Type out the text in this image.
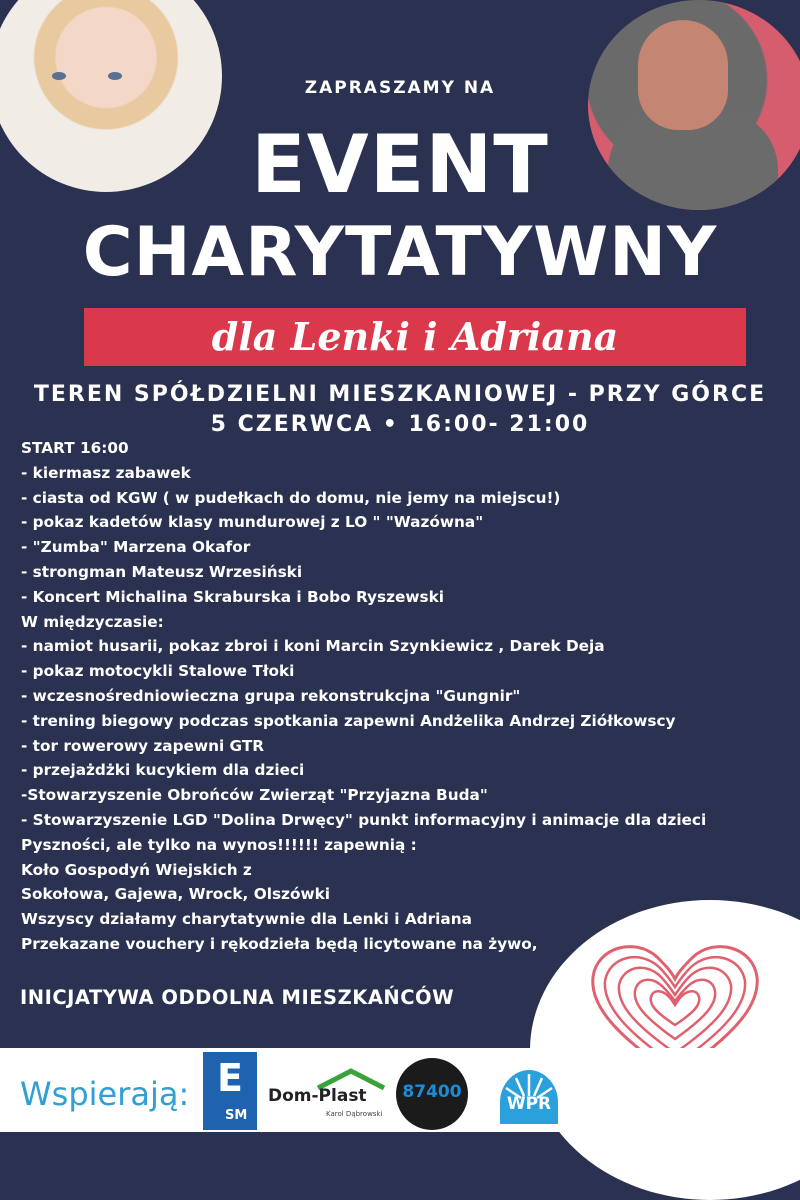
ZAPRASZAMY NA
EVENT
CHARYTATYWNY
dla Lenki i Adriana
TEREN SPÓŁDZIELNI MIESZKANIOWEJ - PRZY GÓRCE
5 CZERWCA • 16:00- 21:00
START 16:00
- kiermasz zabawek
- ciasta od KGW ( w pudełkach do domu, nie jemy na miejscu!)
- pokaz kadetów klasy mundurowej z LO " "Wazówna"
- "Zumba" Marzena Okafor
- strongman Mateusz Wrzesiński
- Koncert Michalina Skraburska i Bobo Ryszewski
W międzyczasie:
- namiot husarii, pokaz zbroi i koni Marcin Szynkiewicz , Darek Deja
- pokaz motocykli Stalowe Tłoki
- wczesnośredniowieczna grupa rekonstrukcjna "Gungnir"
- trening biegowy podczas spotkania zapewni Andżelika Andrzej Ziółkowscy
- tor rowerowy zapewni GTR
- przejażdżki kucykiem dla dzieci
-Stowarzyszenie Obrońców Zwierząt "Przyjazna Buda"
- Stowarzyszenie LGD "Dolina Drwęcy" punkt informacyjny i animacje dla dzieci
Pyszności, ale tylko na wynos!!!!!! zapewnią :
Koło Gospodyń Wiejskich z
Sokołowa, Gajewa, Wrock, Olszówki
Wszyscy działamy charytatywnie dla Lenki i Adriana
Przekazane vouchery i rękodzieła będą licytowane na żywo,
INICJATYWA ODDOLNA MIESZKAŃCÓW
Wspierają: E
SM
Dom-Plast
Karol Dąbrowski
87400
WPR
